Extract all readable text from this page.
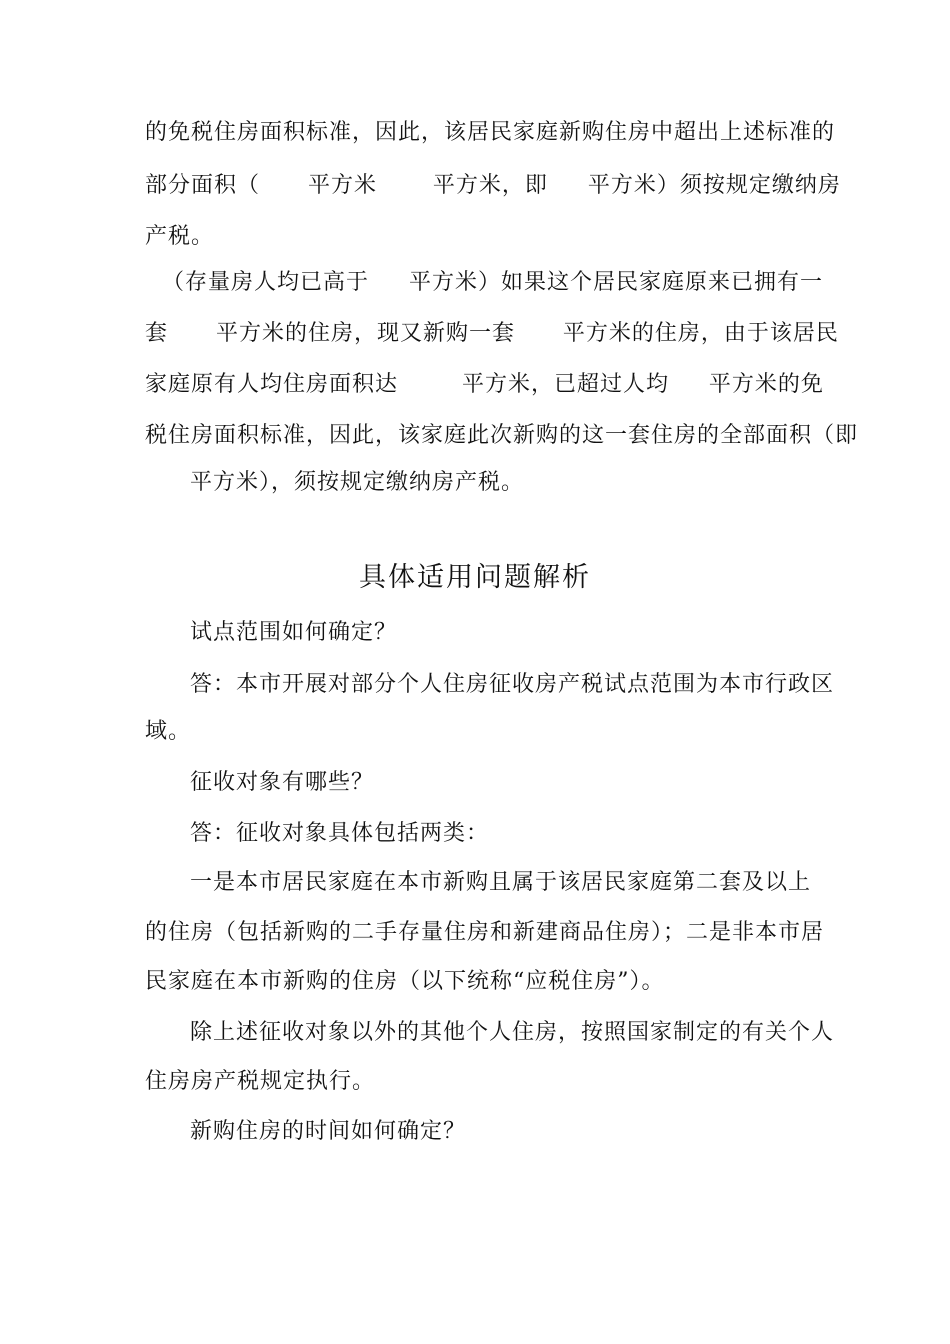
的免税住房面积标准，因此，该居民家庭新购住房中超出上述标准的
部分面积（      平方米       平方米，即     平方米）须按规定缴纳房
产税。
（存量房人均已高于     平方米）如果这个居民家庭原来已拥有一
套      平方米的住房，现又新购一套      平方米的住房，由于该居民
家庭原有人均住房面积达        平方米，已超过人均     平方米的免
税住房面积标准，因此，该家庭此次新购的这一套住房的全部面积（即
平方米），须按规定缴纳房产税。
具体适用问题解析
试点范围如何确定？
答：本市开展对部分个人住房征收房产税试点范围为本市行政区
域。
征收对象有哪些？
答：征收对象具体包括两类：
一是本市居民家庭在本市新购且属于该居民家庭第二套及以上
的住房（包括新购的二手存量住房和新建商品住房）；二是非本市居
民家庭在本市新购的住房（以下统称“应税住房”）。
除上述征收对象以外的其他个人住房，按照国家制定的有关个人
住房房产税规定执行。
新购住房的时间如何确定？
